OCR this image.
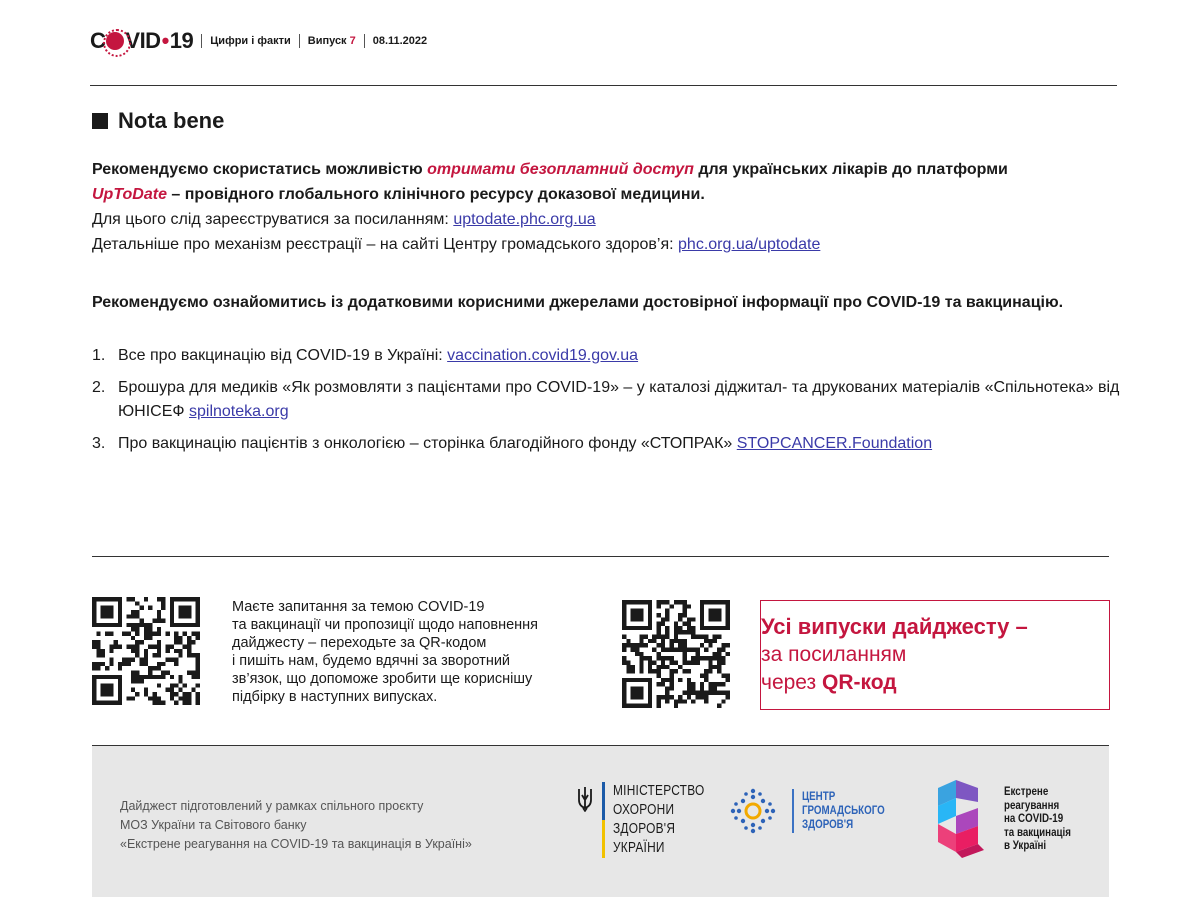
C VID • 19 Цифри і факти Випуск 7 08.11.2022
Nota bene
Рекомендуємо скористатись можливістю отримати безоплатний доступ для українських лікарів до платформи
UpToDate – провідного глобального клінічного ресурсу доказової медицини.
Для цього слід зареєструватися за посиланням: uptodate.phc.org.ua
Детальніше про механізм реєстрації – на сайті Центру громадського здоров’я: phc.org.ua/uptodate
Рекомендуємо ознайомитись із додатковими корисними джерелами достовірної інформації про COVID-19 та вакцинацію.
1. Все про вакцинацію від COVID-19 в Україні: vaccination.covid19.gov.ua
2. Брошура для медиків «Як розмовляти з пацієнтами про COVID-19» – у каталозі діджитал- та друкованих матеріалів «Спільнотека» від ЮНІСЕФ spilnoteka.org
3. Про вакцинацію пацієнтів з онкологією – сторінка благодійного фонду «СТОПРАК» STOPCANCER.Foundation
Маєте запитання за темою COVID-19
та вакцинації чи пропозиції щодо наповнення
дайджесту – переходьте за QR-кодом
і пишіть нам, будемо вдячні за зворотний
зв’язок, що допоможе зробити ще кориснішу
підбірку в наступних випусках.
Усі випуски дайджесту –
за посиланням
через QR-код
Дайджест підготовлений у рамках спільного проєкту
МОЗ України та Світового банку
«Екстрене реагування на COVID-19 та вакцинація в Україні»
МІНІСТЕРСТВО
ОХОРОНИ
ЗДОРОВ'Я
УКРАЇНИ
ЦЕНТР
ГРОМАДСЬКОГО
ЗДОРОВ'Я
Екстрене
реагування
на COVID-19
та вакцинація
в Україні
